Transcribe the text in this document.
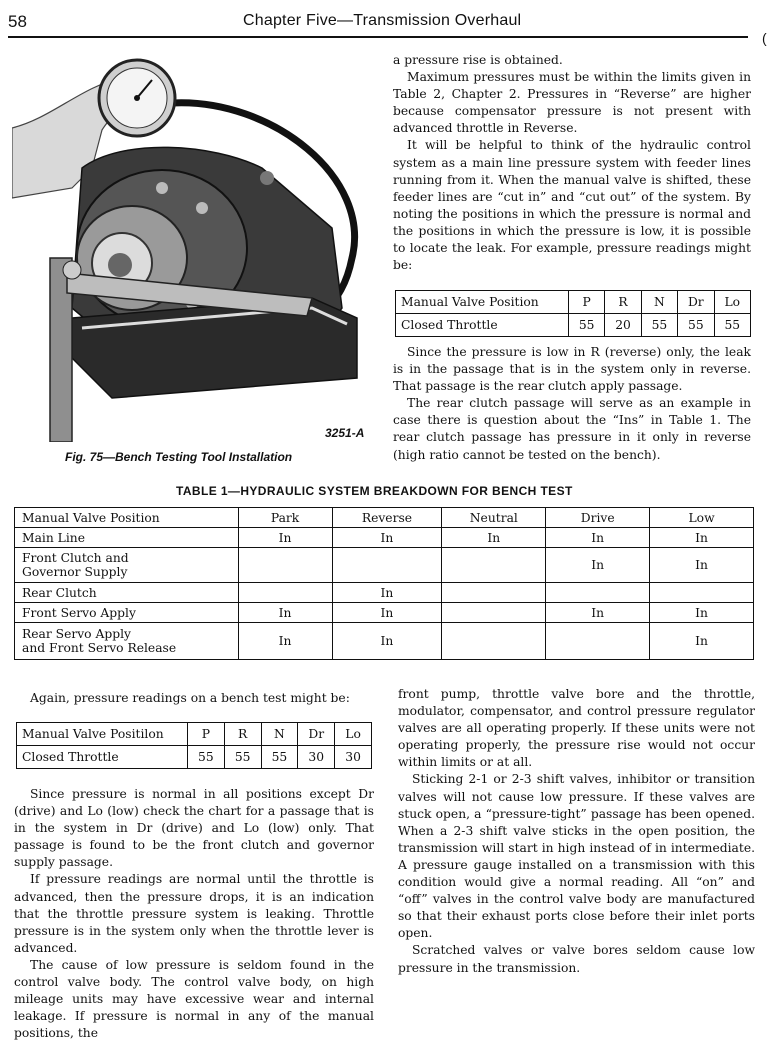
58	Chapter Five—Transmission Overhaul
(
3251-A
Fig. 75—Bench Testing Tool Installation

a pressure rise is obtained.

Maximum pressures must be within the limits given in Table 2, Chapter 2. Pressures in “Reverse” are higher because compensator pressure is not present with advanced throttle in Reverse.

It will be helpful to think of the hydraulic control system as a main line pressure system with feeder lines running from it. When the manual valve is shifted, these feeder lines are “cut in” and “cut out” of the system. By noting the positions in which the pressure is normal and the positions in which the pressure is low, it is possible to locate the leak. For example, pressure readings might be:

Manual Valve Position	P	R	N	Dr	Lo
Closed Throttle	55	20	55	55	55

Since the pressure is low in R (reverse) only, the leak is in the passage that is in the system only in reverse. That passage is the rear clutch apply passage.

The rear clutch passage will serve as an example in case there is question about the “Ins” in Table 1. The rear clutch passage has pressure in it only in reverse (high ratio cannot be tested on the bench).

TABLE 1—HYDRAULIC SYSTEM BREAKDOWN FOR BENCH TEST
Manual Valve Position	Park	Reverse	Neutral	Drive	Low
Main Line	In	In	In	In	In
Front Clutch and
Governor Supply				In	In
Rear Clutch		In			
Front Servo Apply	In	In		In	In
Rear Servo Apply
and Front Servo Release	In	In			In

Again, pressure readings on a bench test might be:

Manual Valve Positilon	P	R	N	Dr	Lo
Closed Throttle	55	55	55	30	30

Since pressure is normal in all positions except Dr (drive) and Lo (low) check the chart for a passage that is in the system in Dr (drive) and Lo (low) only. That passage is found to be the front clutch and governor supply passage.

If pressure readings are normal until the throttle is advanced, then the pressure drops, it is an indication that the throttle pressure system is leaking. Throttle pressure is in the system only when the throttle lever is advanced.

The cause of low pressure is seldom found in the control valve body. The control valve body, on high mileage units may have excessive wear and internal leakage. If pressure is normal in any of the manual positions, the

front pump, throttle valve bore and the throttle, modulator, compensator, and control pressure regulator valves are all operating properly. If these units were not operating properly, the pressure rise would not occur within limits or at all.

Sticking 2-1 or 2-3 shift valves, inhibitor or transition valves will not cause low pressure. If these valves are stuck open, a “pressure-tight” passage has been opened. When a 2-3 shift valve sticks in the open position, the transmission will start in high instead of in intermediate. A pressure gauge installed on a transmission with this condition would give a normal reading. All “on” and “off” valves in the control valve body are manufactured so that their exhaust ports close before their inlet ports open.

Scratched valves or valve bores seldom cause low pressure in the transmission.
